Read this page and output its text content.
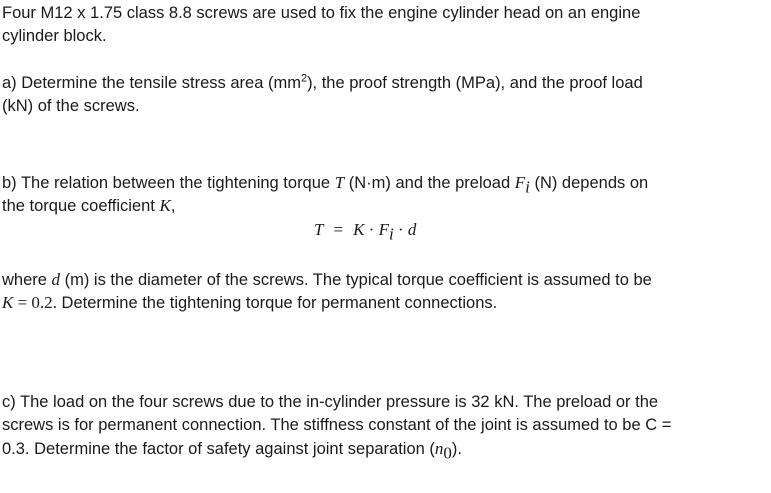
Four M12 x 1.75 class 8.8 screws are used to fix the engine cylinder head on an engine
cylinder block.
a) Determine the tensile stress area $(mm^2)$, the proof strength (MPa), and the proof load
(kN) of the screws.
b) The relation between the tightening torque T (N·m) and the preload $F_i$ (N) depends on
the torque coefficient K,
$T = K \cdot F_i \cdot d$
where d (m) is the diameter of the screws. The typical torque coefficient is assumed to be
K = 0.2. Determine the tightening torque for permanent connections.
c) The load on the four screws due to the in-cylinder pressure is 32 kN. The preload or the
screws is for permanent connection. The stiffness constant of the joint is assumed to be C =
0.3. Determine the factor of safety against joint separation $(n_0)$.
